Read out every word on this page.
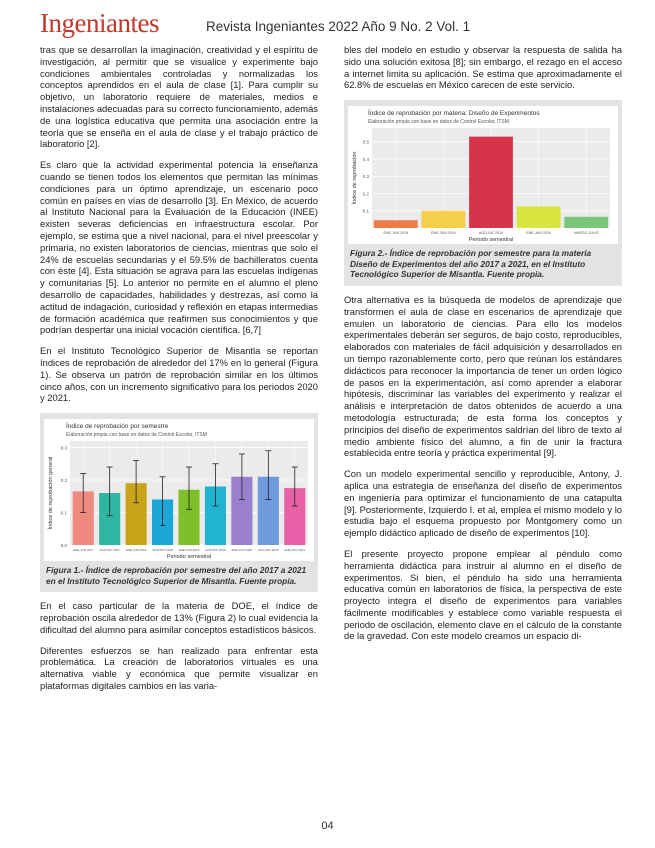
Ingeniantes	Revista Ingeniantes 2022 Año 9 No. 2 Vol. 1

tras que se desarrollan la imaginación, creatividad y el espíritu de investigación, al permitir que se visualice y experimente bajo condiciones ambientales controladas y normalizadas los conceptos aprendidos en el aula de clase [1]. Para cumplir su objetivo, un laboratorio requiere de materiales, medios e instalaciones adecuadas para su correcto funcionamiento, además de una logística educativa que permita una asociación entre la teoría que se enseña en el aula de clase y el trabajo práctico de laboratorio [2].

Es claro que la actividad experimental potencia la enseñanza cuando se tienen todos los elementos que permitan las mínimas condiciones para un óptimo aprendizaje, un escenario poco común en países en vías de desarrollo [3]. En México, de acuerdo al Instituto Nacional para la Evaluación de la Educación (INEE) existen severas deficiencias en infraestructura escolar. Por ejemplo, se estima que a nivel nacional, para el nivel preescolar y primaria, no existen laboratorios de ciencias, mientras que solo el 24% de escuelas secundarias y el 59.5% de bachilleratos cuenta con éste [4]. Esta situación se agrava para las escuelas indígenas y comunitarias [5]. Lo anterior no permite en el alumno el pleno desarrollo de capacidades, habilidades y destrezas, así como la actitud de indagación, curiosidad y reflexión en etapas intermedias de formación académica que reafirmen sus conocimientos y que podrían despertar una inicial vocación científica. [6,7]

En el Instituto Tecnológico Superior de Misantla se reportan índices de reprobación de alrededor del 17% en lo general (Figura 1). Se observa un patrón de reprobación similar en los últimos cinco años, con un incremento significativo para los periodos 2020 y 2021.

Índice de reprobación por semestre
Elaboración propia con base en datos de Control Escolar, ITSM
0.0
0.1
0.2
0.3
ENE-JUN 2017 AGO-DIC 2017 ENE-JUN 2018 AGO-DIC 2018 ENE-JUN 2019 AGO-DIC 2019 ENE-JUN 2020 AGO-DIC 2020 ENE-JUN 2021
Periodo semestral
Índice de reprobación general
Figura 1.- Índice de reprobación por semestre del año 2017 a 2021 en el Instituto Tecnológico Superior de Misantla. Fuente propia.

En el caso particular de la materia de DOE, el índice de reprobación oscila alrededor de 13% (Figura 2) lo cual evidencia la dificultad del alumno para asimilar conceptos estadísticos básicos.

Diferentes esfuerzos se han realizado para enfrentar esta problemática. La creación de laboratorios virtuales es una alternativa viable y económica que permite visualizar en plataformas digitales cambios en las varia-

bles del modelo en estudio y observar la respuesta de salida ha sido una solución exitosa [8]; sin embargo, el rezago en el acceso a internet limita su aplicación. Se estima que aproximadamente el 62.8% de escuelas en México carecen de este servicio.

Índice de reprobación por materia: Diseño de Experimentos
Elaboración propia con base en datos de Control Escolar, ITSM
0.1
0.2
0.3
0.4
0.5
ENE-JUN 2019	ENE-JUN 2019	AGO-DIC 2019	ENE-JUN 2020	MARZO-JULIO
Periodo semestral
Índice de reprobación
Figura 2.- Índice de reprobación por semestre para la materia Diseño de Experimentos del año 2017 a 2021, en el Instituto Tecnológico Superior de Misantla. Fuente propia.

Otra alternativa es la búsqueda de modelos de aprendizaje que transformen el aula de clase en escenarios de aprendizaje que emulen un laboratorio de ciencias. Para ello los modelos experimentales deberán ser seguros, de bajo costo, reproducibles, elaborados con materiales de fácil adquisición y desarrollados en un tiempo razonablemente corto, pero que reúnan los estándares didácticos para reconocer la importancia de tener un orden lógico de pasos en la experimentación, así como aprender a elaborar hipótesis, discriminar las variables del experimento y realizar el análisis e interpretación de datos obtenidos de acuerdo a una metodología estructurada; de esta forma los conceptos y principios del diseño de experimentos saldrían del libro de texto al medio ambiente físico del alumno, a fin de unir la fractura establecida entre teoría y práctica experimental [9].

Con un modelo experimental sencillo y reproducible, Antony, J. aplica una estrategia de enseñanza del diseño de experimentos en ingeniería para optimizar el funcionamiento de una catapulta [9]. Posteriormente, Izquierdo I. et al, emplea el mismo modelo y lo estudia bajo el esquema propuesto por Montgomery como un ejemplo didáctico aplicado de diseño de experimentos [10].

El presente proyecto propone emplear al péndulo como herramienta didáctica para instruir al alumno en el diseño de experimentos. Si bien, el péndulo ha sido una herramienta educativa común en laboratorios de física, la perspectiva de este proyecto integra el diseño de experimentos para variables fácilmente modificables y establece como variable respuesta el periodo de oscilación, elemento clave en el cálculo de la constante de la gravedad. Con este modelo creamos un espacio di-

04
